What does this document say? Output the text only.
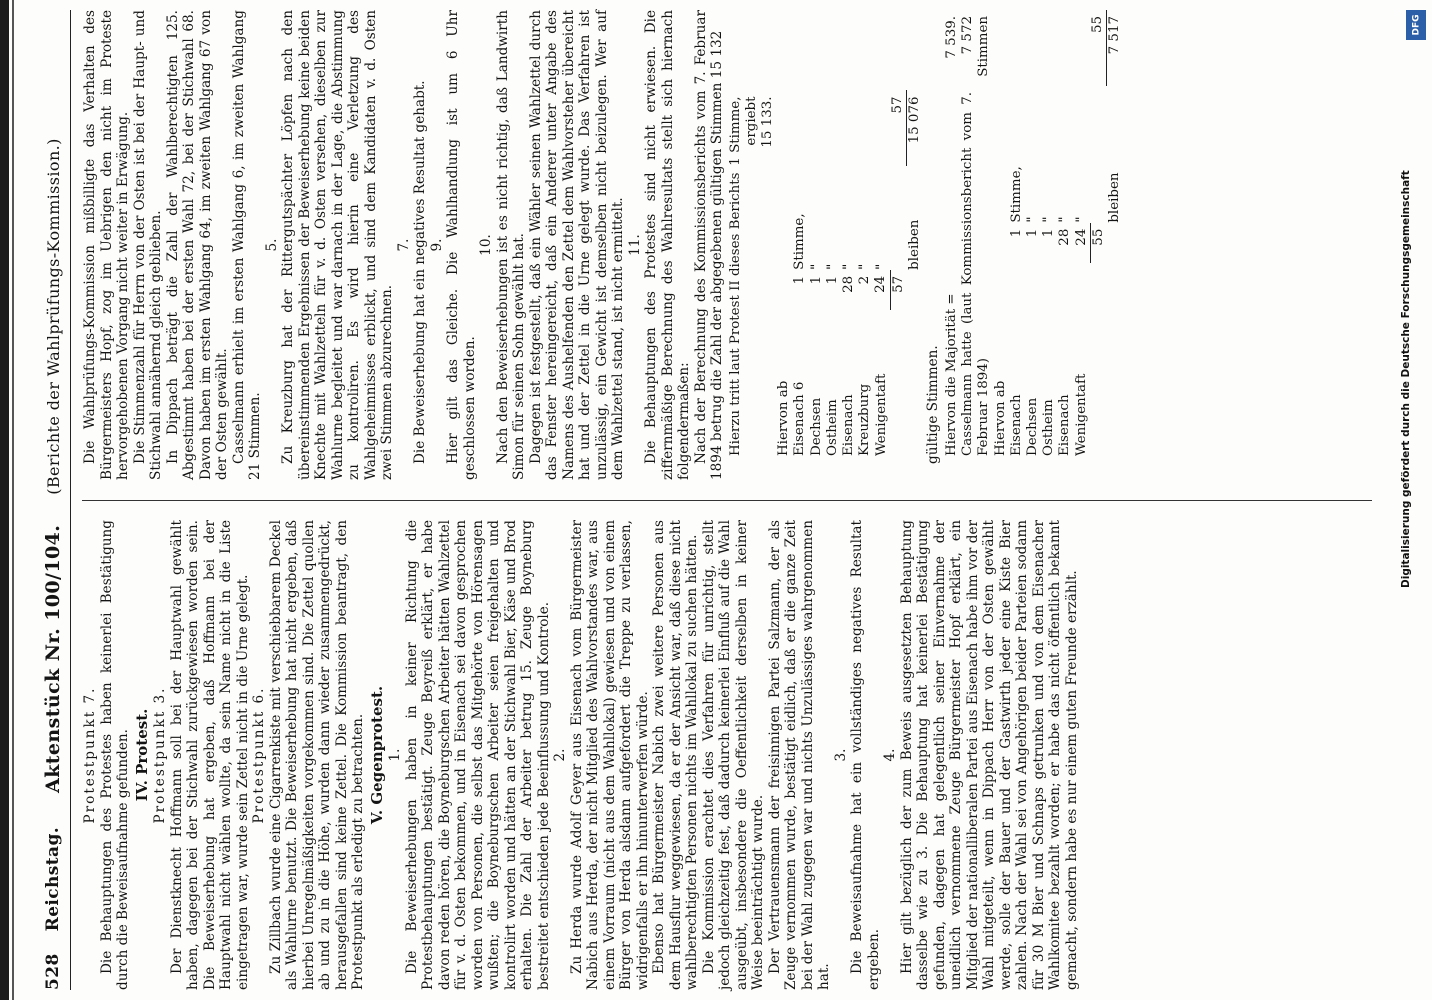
528
Reichstag.
Aktenstück Nr. 100/104.
(Berichte der Wahlprüfungs-Kommission.)

Protestpunkt 7. Die Behauptungen des Protestes haben keinerlei Bestätigung durch die Beweisaufnahme gefunden. IV. Protest. Protestpunkt 3. Der Dienstknecht Hoffmann soll bei der Hauptwahl gewählt haben, dagegen bei der Stichwahl zurückgewiesen worden sein. Die Beweiserhebung hat ergeben, daß Hoffmann bei der Hauptwahl nicht wählen wollte, da sein Name nicht in die Liste eingetragen war, wurde sein Zettel nicht in die Urne gelegt. Protestpunkt 6. Zu Zillbach wurde eine Cigarrenkiste mit verschiebbarem Deckel als Wahlurne benutzt. Die Beweiserhebung hat nicht ergeben, daß hierbei Unregelmäßigkeiten vorgekommen sind. Die Zettel quollen ab und zu in die Höhe, wurden dann wieder zusammengedrückt, herausgefallen sind keine Zettel. Die Kommission beantragt, den Protestpunkt als erledigt zu betrachten. V. Gegenprotest. 1. Die Beweiserhebungen haben in keiner Richtung die Protestbehauptungen bestätigt. Zeuge Beyreiß erklärt, er habe davon reden hören, die Boyneburgschen Arbeiter hätten Wahlzettel für v. d. Osten bekommen, und in Eisenach sei davon gesprochen worden von Personen, die selbst das Mitgehörte von Hörensagen wußten; die Boyneburgschen Arbeiter seien freigehalten und kontrolirt worden und hätten an der Stichwahl Bier, Käse und Brod erhalten. Die Zahl der Arbeiter betrug 15. Zeuge Boyneburg bestreitet entschieden jede Beeinflussung und Kontrole. 2. Zu Herda wurde Adolf Geyer aus Eisenach vom Bürgermeister Nabich aus Herda, der nicht Mitglied des Wahlvorstandes war, aus einem Vorraum (nicht aus dem Wahllokal) gewiesen und von einem Bürger von Herda alsdann aufgefordert die Treppe zu verlassen, widrigenfalls er ihn hinunterwerfen würde. Ebenso hat Bürgermeister Nabich zwei weitere Personen aus dem Hausflur weggewiesen, da er der Ansicht war, daß diese nicht wahlberechtigten Personen nichts im Wahllokal zu suchen hätten. Die Kommission erachtet dies Verfahren für unrichtig, stellt jedoch gleichzeitig fest, daß dadurch keinerlei Einfluß auf die Wahl ausgeübt, insbesondere die Oeffentlichkeit derselben in keiner Weise beeinträchtigt wurde. Der Vertrauensmann der freisinnigen Partei Salzmann, der als Zeuge vernommen wurde, bestätigt eidlich, daß er die ganze Zeit bei der Wahl zugegen war und nichts Unzulässiges wahrgenommen hat.

3. Die Beweisaufnahme hat ein vollständiges negatives Resultat ergeben.

4. Hier gilt bezüglich der zum Beweis ausgesetzten Behauptung dasselbe wie zu 3. Die Behauptung hat keinerlei Bestätigung gefunden, dagegen hat gelegentlich seiner Einvernahme der uneidlich vernommene Zeuge Bürgermeister Hopf erklärt, ein Mitglied der nationalliberalen Partei aus Eisenach habe ihm vor der Wahl mitgeteilt, wenn in Dippach Herr von der Osten gewählt werde, solle der Bauer und der Gastwirth jeder eine Kiste Bier zahlen. Nach der Wahl sei von Angehörigen beider Parteien sodann für 30 M Bier und Schnaps getrunken und von dem Eisenacher Wahlkomitee bezahlt worden; er habe das nicht öffentlich bekannt gemacht, sondern habe es nur einem guten Freunde erzählt.

Die Wahlprüfungs-Kommission mißbilligte das Verhalten des Bürgermeisters Hopf, zog im Uebrigen den nicht im Proteste hervorgehobenen Vorgang nicht weiter in Erwägung. Die Stimmenzahl für Herrn von der Osten ist bei der Haupt- und Stichwahl annähernd gleich geblieben. In Dippach beträgt die Zahl der Wahlberechtigten 125. Abgestimmt haben bei der ersten Wahl 72, bei der Stichwahl 68. Davon haben im ersten Wahlgang 64, im zweiten Wahlgang 67 von der Osten gewählt. Casselmann erhielt im ersten Wahlgang 6, im zweiten Wahlgang 21 Stimmen.

5. Zu Kreuzburg hat der Rittergutspächter Löpfen nach den übereinstimmenden Ergebnissen der Beweiserhebung keine beiden Knechte mit Wahlzetteln für v. d. Osten versehen, dieselben zur Wahlurne begleitet und war darnach in der Lage, die Abstimmung zu kontroliren. Es wird hierin eine Verletzung des Wahlgeheimnisses erblickt, und sind dem Kandidaten v. d. Osten zwei Stimmen abzurechnen.

7. Die Beweiserhebung hat ein negatives Resultat gehabt. 9. Hier gilt das Gleiche. Die Wahlhandlung ist um 6 Uhr geschlossen worden.

10. Nach den Beweiserhebungen ist es nicht richtig, daß Landwirth Simon für seinen Sohn gewählt hat. Dagegen ist festgestellt, daß ein Wähler seinen Wahlzettel durch das Fenster hereingereicht, daß ein Anderer unter Angabe des Namens des Aushelfenden den Zettel dem Wahlvorsteher übereicht hat und der Zettel in die Urne gelegt wurde. Das Verfahren ist unzulässig, ein Gewicht ist demselben nicht beizulegen. Wer auf dem Wahlzettel stand, ist nicht ermittelt. 11. Die Behauptungen des Protestes sind nicht erwiesen. Die ziffernmäßige Berechnung des Wahlresultats stellt sich hiernach folgendermaßen: Nach der Berechnung des Kommissionsberichts vom 7. Februar 1894 betrug die Zahl der abgegebenen gültigen Stimmen 15 132 Hierzu tritt laut Protest II dieses Berichts			1 Stimme,
			ergiebt 15 133.
Hiervon ab			
Eisenach 6	1	Stimme,	
Dechsen	1	"	
Ostheim	1	"	
Eisenach	28	"	
Kreuzburg	2	"	
Wenigentaft	24	"	
	57		57
		bleiben	15 076

gültige Stimmen. Hiervon die Majorität =			7 539.
Casselmann hatte (laut Kommissionsbericht vom 7. Februar 1894)			7 572 Stimmen
Hiervon ab			
Eisenach	1	Stimme,	
Dechsen	1	"	
Ostheim	1	"	
Eisenach	28	"	
Wenigentaft	24	"	
	55		55
		bleiben	7 517
Digitalisierung gefördert durch die Deutsche Forschungsgemeinschaft
DFG
